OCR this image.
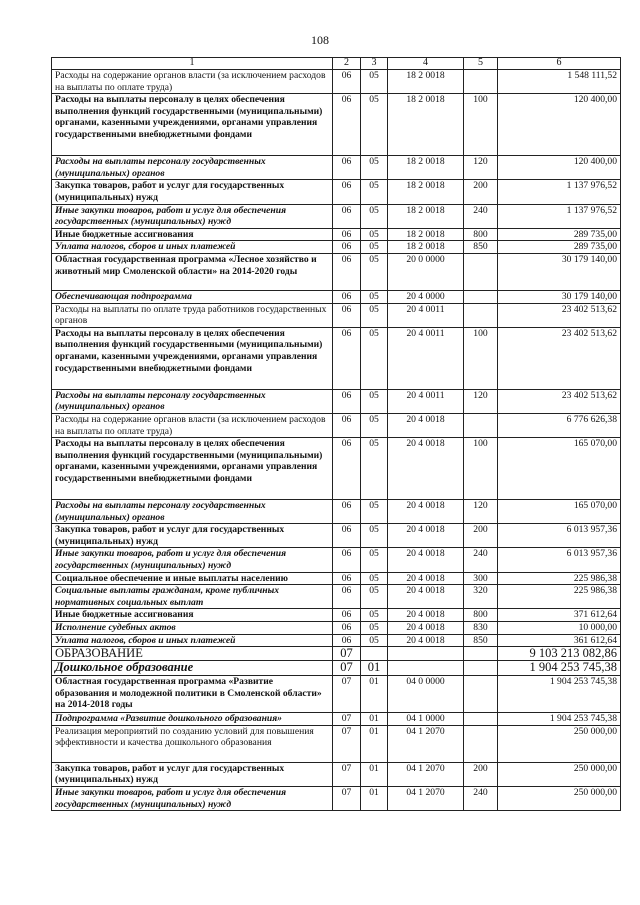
108
1	2	3	4	5	6
Расходы на содержание органов власти (за исключением расходов на выплаты по оплате труда)	06	05	18 2 0018		1 548 111,52
Расходы на выплаты персоналу в целях обеспечения выполнения функций государственными (муниципальными) органами, казенными учреждениями, органами управления государственными внебюджетными фондами	06	05	18 2 0018	100	120 400,00
Расходы на выплаты персоналу государственных (муниципальных) органов	06	05	18 2 0018	120	120 400,00
Закупка товаров, работ и услуг для государственных (муниципальных) нужд	06	05	18 2 0018	200	1 137 976,52
Иные закупки товаров, работ и услуг для обеспечения государственных (муниципальных) нужд	06	05	18 2 0018	240	1 137 976,52
Иные бюджетные ассигнования	06	05	18 2 0018	800	289 735,00
Уплата налогов, сборов и иных платежей	06	05	18 2 0018	850	289 735,00
Областная государственная программа «Лесное хозяйство и животный мир Смоленской области» на 2014-2020 годы	06	05	20 0 0000		30 179 140,00
Обеспечивающая подпрограмма	06	05	20 4 0000		30 179 140,00
Расходы на выплаты по оплате труда работников государственных органов	06	05	20 4 0011		23 402 513,62
Расходы на выплаты персоналу в целях обеспечения выполнения функций государственными (муниципальными) органами, казенными учреждениями, органами управления государственными внебюджетными фондами	06	05	20 4 0011	100	23 402 513,62
Расходы на выплаты персоналу государственных (муниципальных) органов	06	05	20 4 0011	120	23 402 513,62
Расходы на содержание органов власти (за исключением расходов на выплаты по оплате труда)	06	05	20 4 0018		6 776 626,38
Расходы на выплаты персоналу в целях обеспечения выполнения функций государственными (муниципальными) органами, казенными учреждениями, органами управления государственными внебюджетными фондами	06	05	20 4 0018	100	165 070,00
Расходы на выплаты персоналу государственных (муниципальных) органов	06	05	20 4 0018	120	165 070,00
Закупка товаров, работ и услуг для государственных (муниципальных) нужд	06	05	20 4 0018	200	6 013 957,36
Иные закупки товаров, работ и услуг для обеспечения государственных (муниципальных) нужд	06	05	20 4 0018	240	6 013 957,36
Социальное обеспечение и иные выплаты населению	06	05	20 4 0018	300	225 986,38
Социальные выплаты гражданам, кроме публичных нормативных социальных выплат	06	05	20 4 0018	320	225 986,38
Иные бюджетные ассигнования	06	05	20 4 0018	800	371 612,64
Исполнение судебных актов	06	05	20 4 0018	830	10 000,00
Уплата налогов, сборов и иных платежей	06	05	20 4 0018	850	361 612,64
ОБРАЗОВАНИЕ	07				9 103 213 082,86
Дошкольное образование	07	01			1 904 253 745,38
Областная государственная программа «Развитие образования и молодежной политики в Смоленской области» на 2014-2018 годы	07	01	04 0 0000		1 904 253 745,38
Подпрограмма «Развитие дошкольного образования»	07	01	04 1 0000		1 904 253 745,38
Реализация мероприятий по созданию условий для повышения эффективности и качества дошкольного образования	07	01	04 1 2070		250 000,00
Закупка товаров, работ и услуг для государственных (муниципальных) нужд	07	01	04 1 2070	200	250 000,00
Иные закупки товаров, работ и услуг для обеспечения государственных (муниципальных) нужд	07	01	04 1 2070	240	250 000,00
